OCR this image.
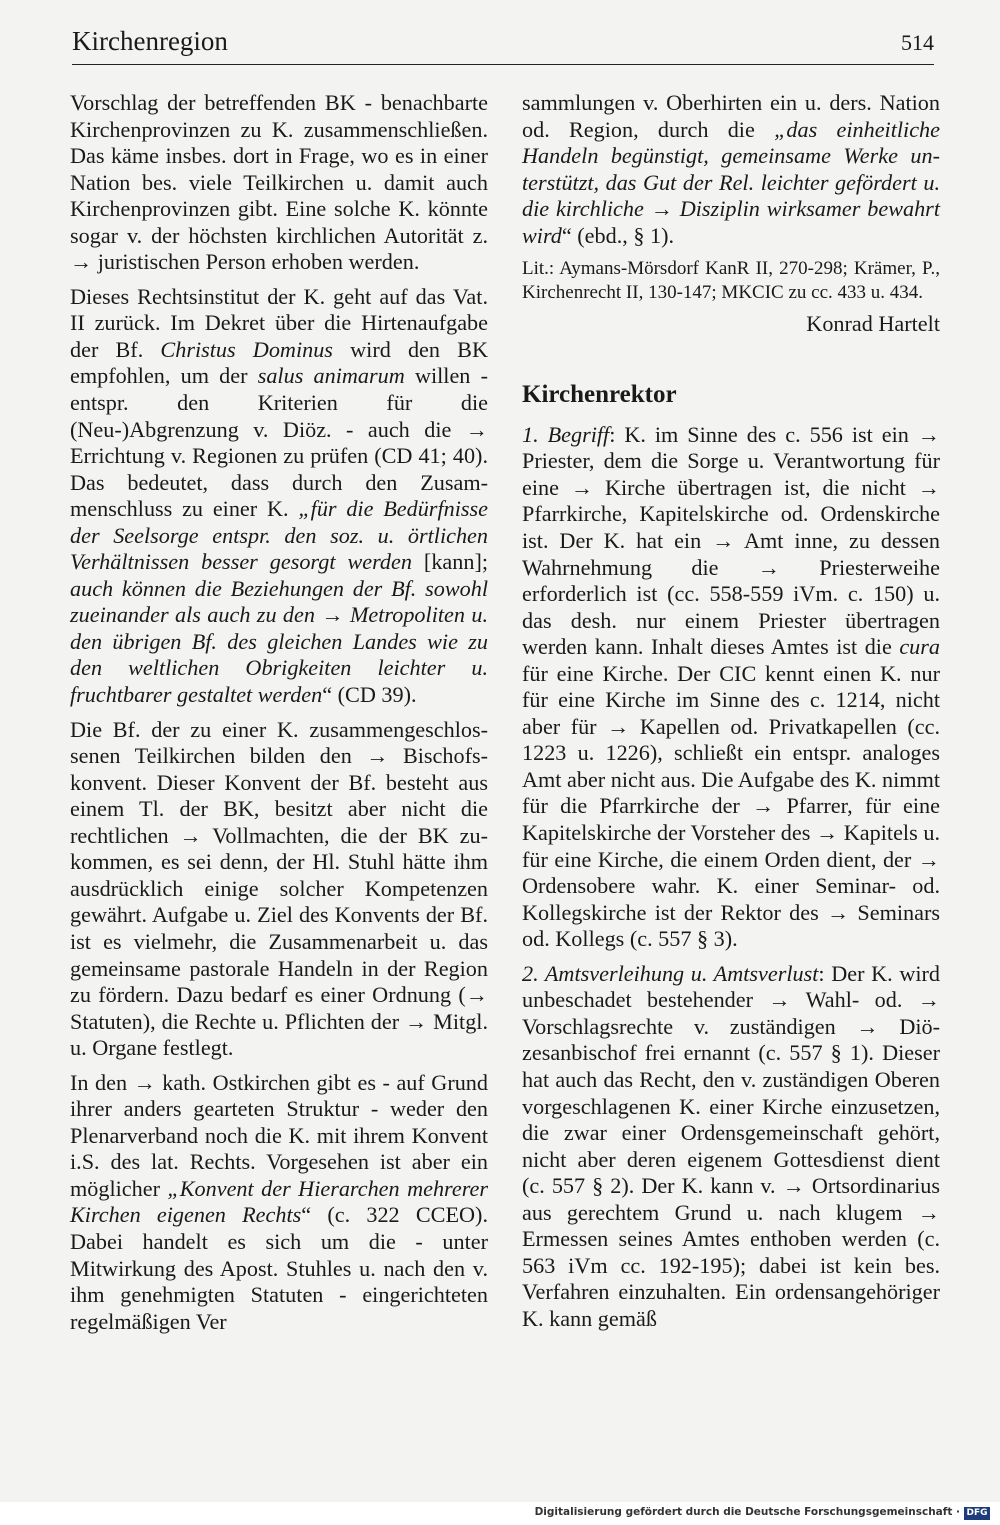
Kirchenregion	514

Vorschlag der betreffenden BK - benachbarte Kirchenprovinzen zu K. zusammenschließen. Das käme insbes. dort in Frage, wo es in einer Nation bes. viele Teilkirchen u. damit auch Kirchenprovinzen gibt. Eine solche K. könnte sogar v. der höchsten kirchlichen Autorität z. → juristischen Person erhoben werden.

Dieses Rechtsinstitut der K. geht auf das Vat. II zurück. Im Dekret über die Hirtenaufgabe der Bf. Christus Dominus wird den BK empfohlen, um der salus animarum willen - entspr. den Kriterien für die (Neu-)Abgrenzung v. Diöz. - auch die → Errichtung v. Regionen zu prüfen (CD 41; 40). Das bedeutet, dass durch den Zusammenschluss zu einer K. „für die Bedürfnisse der Seelsorge entspr. den soz. u. örtlichen Verhältnissen besser gesorgt werden [kann]; auch können die Beziehungen der Bf. sowohl zueinander als auch zu den → Metropoliten u. den übrigen Bf. des gleichen Landes wie zu den weltlichen Obrigkeiten leichter u. fruchtbarer gestaltet werden“ (CD 39).

Die Bf. der zu einer K. zusammengeschlossenen Teilkirchen bilden den → Bischofskonvent. Dieser Konvent der Bf. besteht aus einem Tl. der BK, besitzt aber nicht die rechtlichen → Vollmachten, die der BK zukommen, es sei denn, der Hl. Stuhl hätte ihm ausdrücklich einige solcher Kompetenzen gewährt. Aufgabe u. Ziel des Konvents der Bf. ist es vielmehr, die Zusammenarbeit u. das gemeinsame pastorale Handeln in der Region zu fördern. Dazu bedarf es einer Ordnung (→ Statuten), die Rechte u. Pflichten der → Mitgl. u. Organe festlegt.

In den → kath. Ostkirchen gibt es - auf Grund ihrer anders gearteten Struktur - weder den Plenarverband noch die K. mit ihrem Konvent i.S. des lat. Rechts. Vorgesehen ist aber ein möglicher „Konvent der Hierarchen mehrerer Kirchen eigenen Rechts“ (c. 322 CCEO). Dabei handelt es sich um die - unter Mitwirkung des Apost. Stuhles u. nach den v. ihm genehmigten Statuten - eingerichteten regelmäßigen Ver

sammlungen v. Oberhirten ein u. ders. Nation od. Region, durch die „das einheitliche Handeln begünstigt, gemeinsame Werke unterstützt, das Gut der Rel. leichter gefördert u. die kirchliche → Disziplin wirksamer bewahrt wird“ (ebd., § 1).

Lit.: Aymans-Mörsdorf KanR II, 270-298; Krämer, P., Kirchenrecht II, 130-147; MKCIC zu cc. 433 u. 434.

Konrad Hartelt

Kirchenrektor

1. Begriff: K. im Sinne des c. 556 ist ein → Priester, dem die Sorge u. Verantwortung für eine → Kirche übertragen ist, die nicht → Pfarrkirche, Kapitelskirche od. Ordenskirche ist. Der K. hat ein → Amt inne, zu dessen Wahrnehmung die → Priesterweihe erforderlich ist (cc. 558-559 iVm. c. 150) u. das desh. nur einem Priester übertragen werden kann. Inhalt dieses Amtes ist die cura für eine Kirche. Der CIC kennt einen K. nur für eine Kirche im Sinne des c. 1214, nicht aber für → Kapellen od. Privatkapellen (cc. 1223 u. 1226), schließt ein entspr. analoges Amt aber nicht aus. Die Aufgabe des K. nimmt für die Pfarrkirche der → Pfarrer, für eine Kapitelskirche der Vorsteher des → Kapitels u. für eine Kirche, die einem Orden dient, der → Ordensobere wahr. K. einer Seminar- od. Kollegskirche ist der Rektor des → Seminars od. Kollegs (c. 557 § 3).

2. Amtsverleihung u. Amtsverlust: Der K. wird unbeschadet bestehender → Wahl- od. → Vorschlagsrechte v. zuständigen → Diözesanbischof frei ernannt (c. 557 § 1). Dieser hat auch das Recht, den v. zuständigen Oberen vorgeschlagenen K. einer Kirche einzusetzen, die zwar einer Ordensgemeinschaft gehört, nicht aber deren eigenem Gottesdienst dient (c. 557 § 2). Der K. kann v. → Ortsordinarius aus gerechtem Grund u. nach klugem → Ermessen seines Amtes enthoben werden (c. 563 iVm cc. 192-195); dabei ist kein bes. Verfahren einzuhalten. Ein ordensangehöriger K. kann gemäß

Digitalisierung gefördert durch die Deutsche Forschungsgemeinschaft · DFG
